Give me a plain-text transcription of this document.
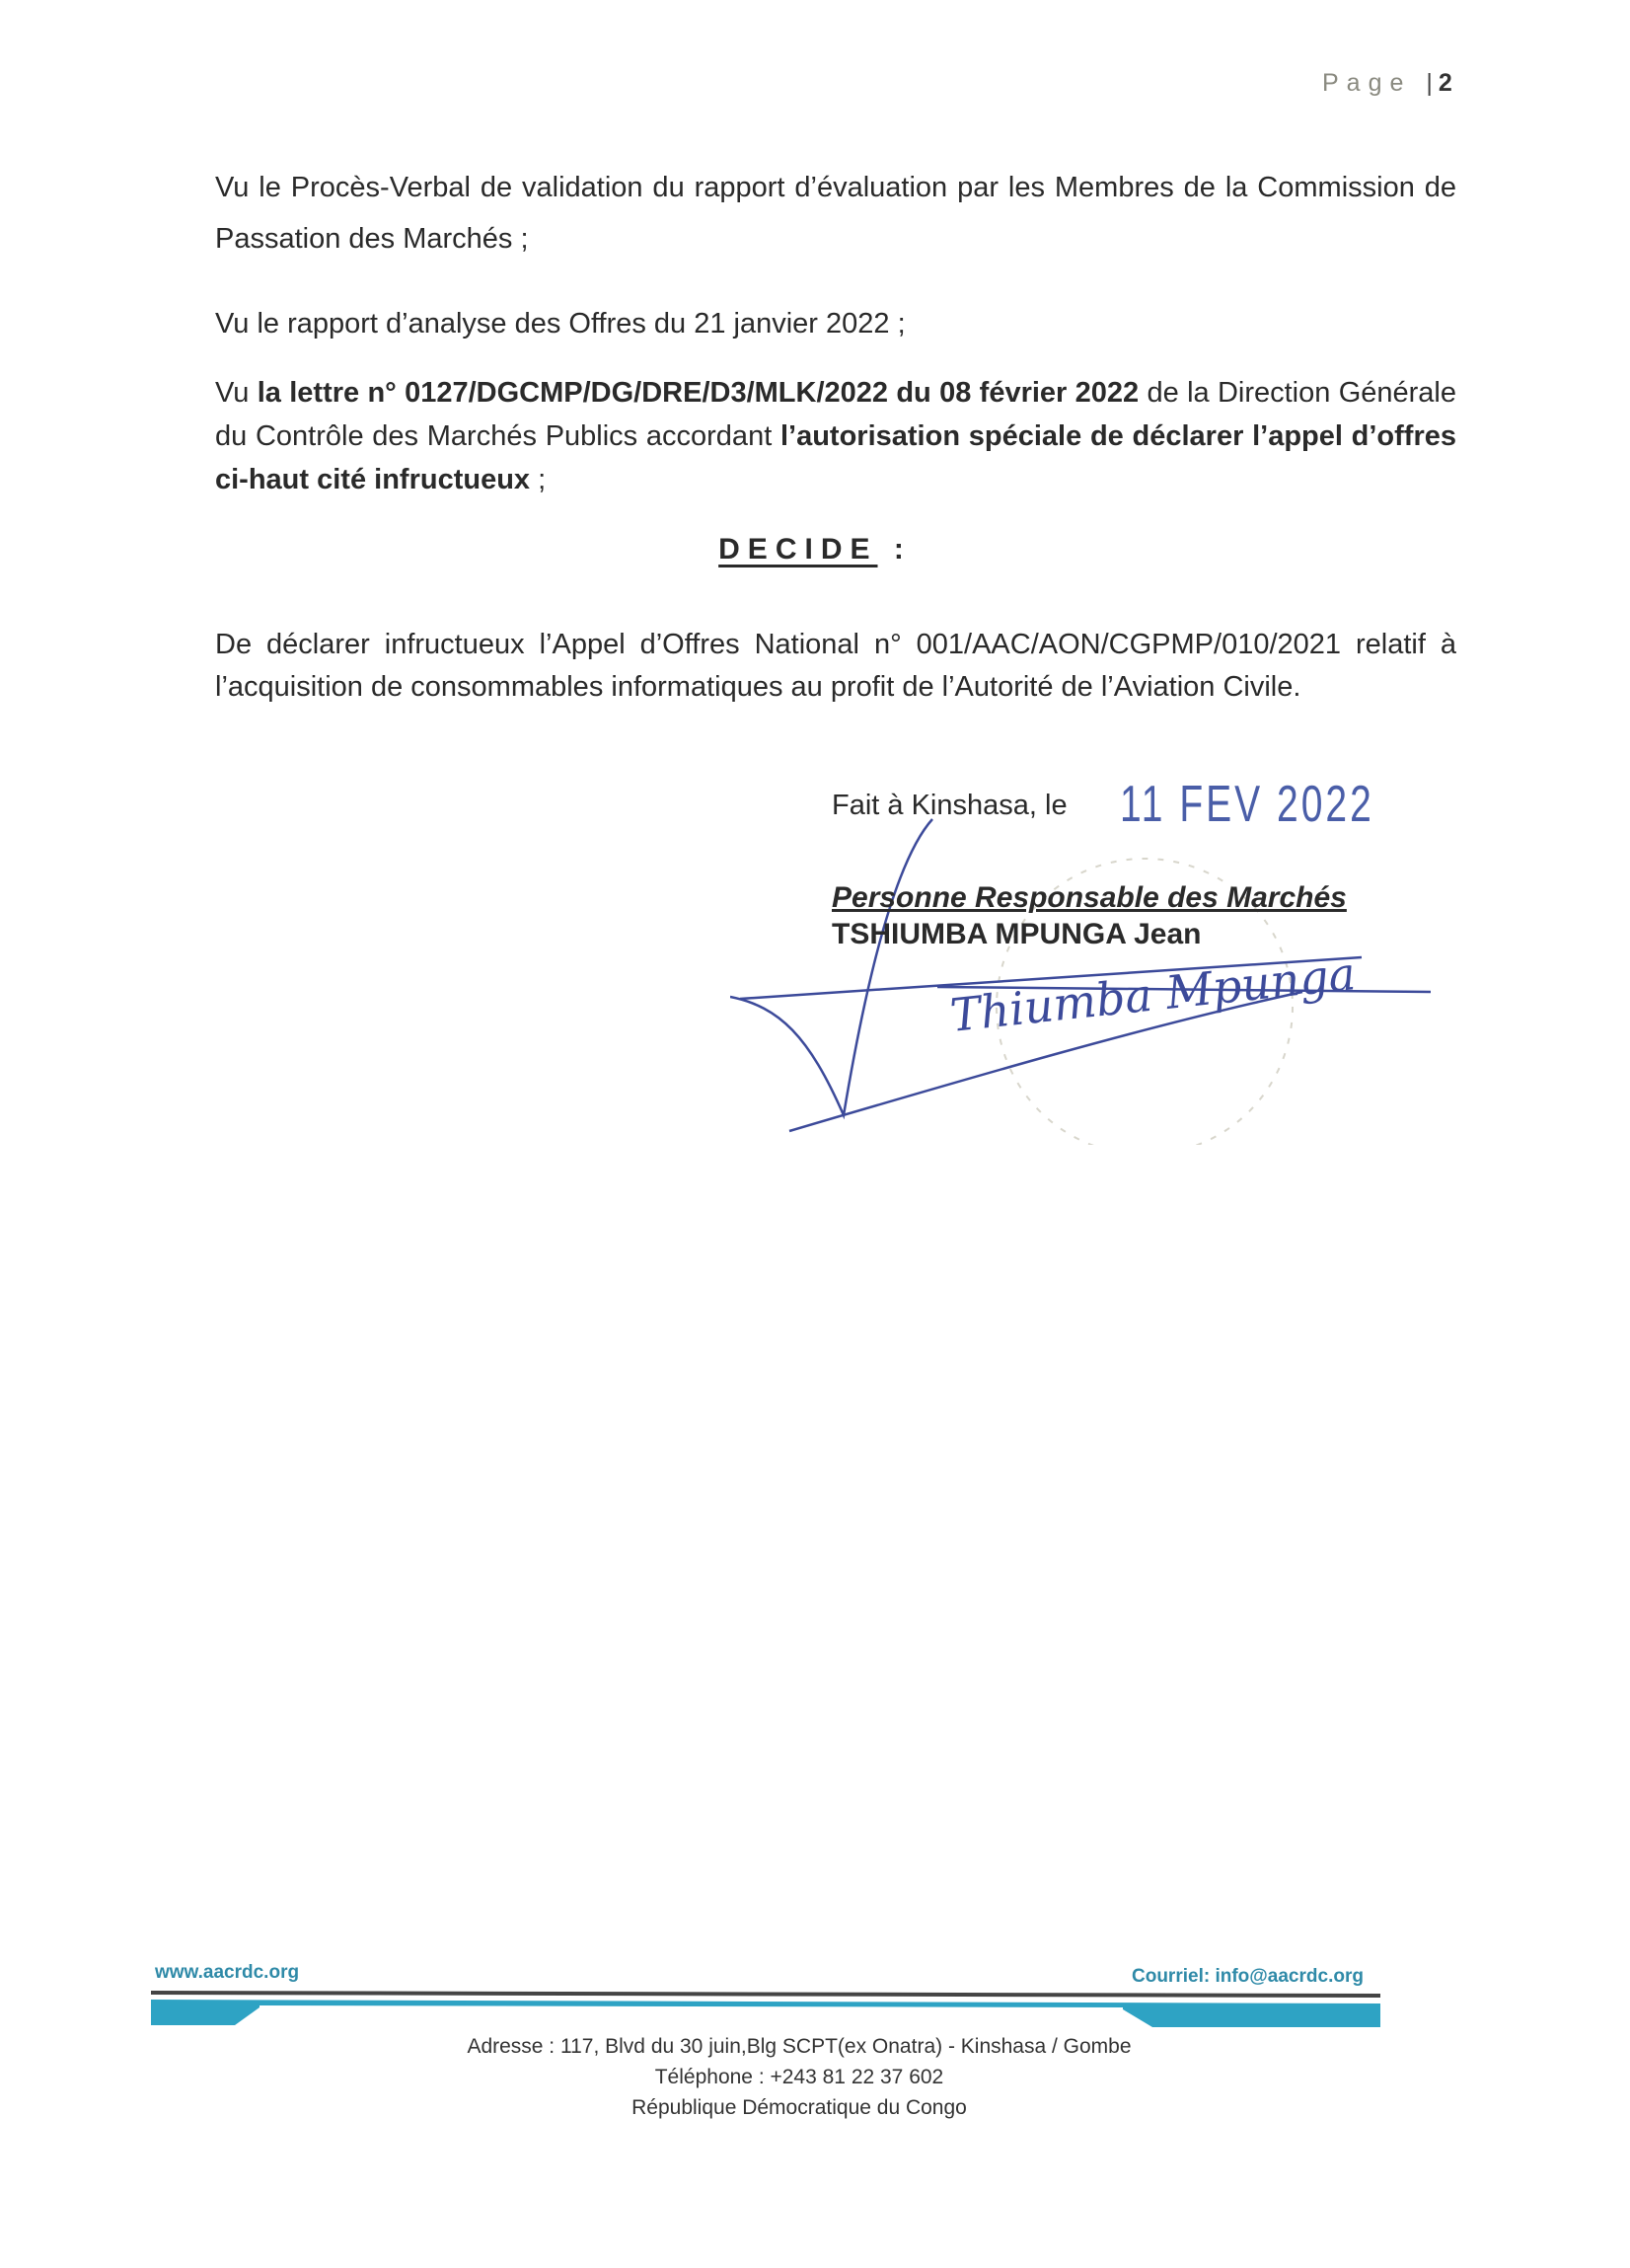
Page | 2
Vu le Procès-Verbal de validation du rapport d’évaluation par les Membres de la Commission de Passation des Marchés ;
Vu le rapport d’analyse des Offres du 21 janvier 2022 ;
Vu la lettre n° 0127/DGCMP/DG/DRE/D3/MLK/2022 du 08 février 2022 de la Direction Générale du Contrôle des Marchés Publics accordant l’autorisation spéciale de déclarer l’appel d’offres ci-haut cité infructueux ;
DECIDE :
De déclarer infructueux l’Appel d’Offres National n° 001/AAC/AON/CGPMP/010/2021 relatif à l’acquisition de consommables informatiques au profit de l’Autorité de l’Aviation Civile.
Fait à Kinshasa, le 11 FEV 2022
Thiumba Mpunga
Personne Responsable des Marchés
TSHIUMBA MPUNGA Jean
www.aacrdc.org	Courriel: info@aacrdc.org
Adresse : 117, Blvd du 30 juin,Blg SCPT(ex Onatra) - Kinshasa / Gombe
Téléphone : +243 81 22 37 602
République Démocratique du Congo
